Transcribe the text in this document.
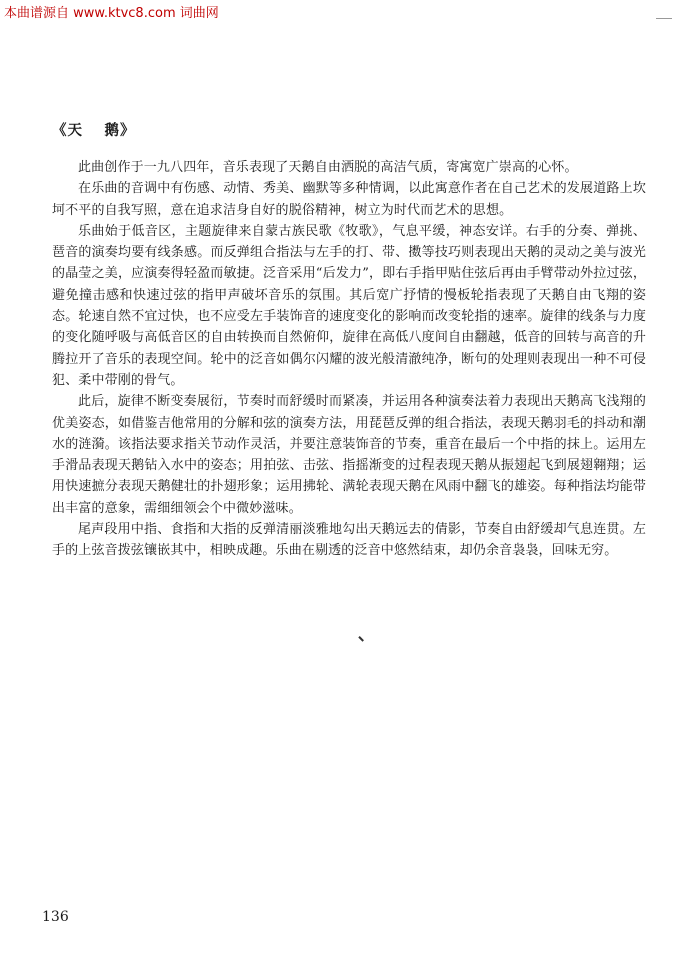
本曲谱源自 www.ktvc8.com 词曲网
《天　 鹅》

此曲创作于一九八四年，音乐表现了天鹅自由洒脱的高洁气质，寄寓宽广崇高的心怀。

在乐曲的音调中有伤感、动情、秀美、幽默等多种情调，以此寓意作者在自己艺术的发展道路上坎坷不平的自我写照，意在追求洁身自好的脱俗精神，树立为时代而艺术的思想。

乐曲始于低音区，主题旋律来自蒙古族民歌《牧歌》，气息平缓，神态安详。右手的分奏、弹挑、琶音的演奏均要有线条感。而反弹组合指法与左手的打、带、擞等技巧则表现出天鹅的灵动之美与波光的晶莹之美，应演奏得轻盈而敏捷。泛音采用“后发力”，即右手指甲贴住弦后再由手臂带动外拉过弦，避免撞击感和快速过弦的指甲声破坏音乐的氛围。其后宽广抒情的慢板轮指表现了天鹅自由飞翔的姿态。轮速自然不宜过快，也不应受左手装饰音的速度变化的影响而改变轮指的速率。旋律的线条与力度的变化随呼吸与高低音区的自由转换而自然俯仰，旋律在高低八度间自由翻越，低音的回转与高音的升腾拉开了音乐的表现空间。轮中的泛音如偶尔闪耀的波光般清澈纯净，断句的处理则表现出一种不可侵犯、柔中带刚的骨气。

此后，旋律不断变奏展衍，节奏时而舒缓时而紧凑，并运用各种演奏法着力表现出天鹅高飞浅翔的优美姿态，如借鉴吉他常用的分解和弦的演奏方法，用琵琶反弹的组合指法，表现天鹅羽毛的抖动和潮水的涟漪。该指法要求指关节动作灵活，并要注意装饰音的节奏，重音在最后一个中指的抹上。运用左手滑品表现天鹅钻入水中的姿态；用拍弦、击弦、指摇渐变的过程表现天鹅从振翅起飞到展翅翱翔；运用快速摭分表现天鹅健壮的扑翅形象；运用拂轮、满轮表现天鹅在风雨中翻飞的雄姿。每种指法均能带出丰富的意象，需细细领会个中微妙滋味。

尾声段用中指、食指和大指的反弹清丽淡雅地勾出天鹅远去的倩影，节奏自由舒缓却气息连贯。左手的上弦音拨弦镶嵌其中，相映成趣。乐曲在剔透的泛音中悠然结束，却仍余音袅袅，回味无穷。

136
